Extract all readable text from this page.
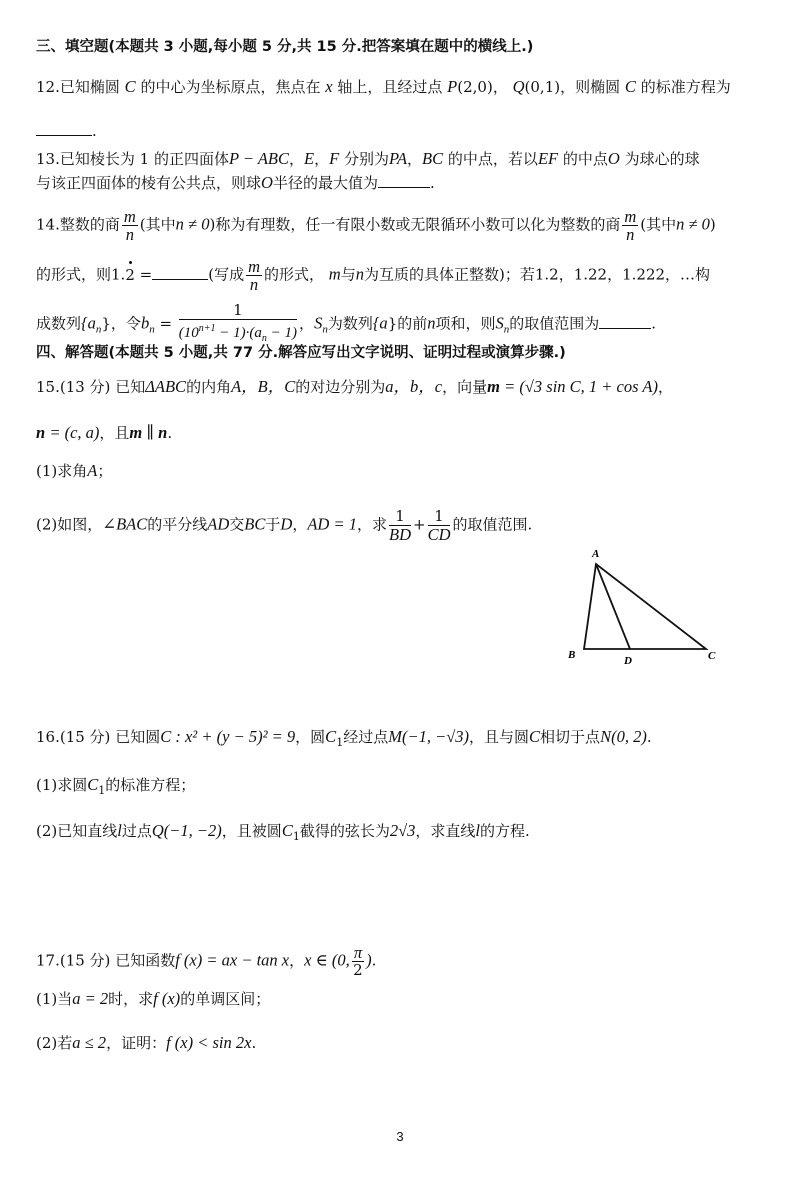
三、填空题(本题共 3 小题,每小题 5 分,共 15 分.把答案填在题中的横线上.)
12.已知椭圆 C 的中心为坐标原点，焦点在 x 轴上，且经过点 P(2,0)， Q(0,1)，则椭圆 C 的标准方程为
.
13.已知棱长为 1 的正四面体P − ABC，E，F 分别为PA，BC 的中点，若以EF 的中点O 为球心的球
与该正四面体的棱有公共点，则球O半径的最大值为	.
14.整数的商 $\frac{m}{n}$ (其中n ≠ 0)称为有理数，任一有限小数或无限循环小数可以化为整数的商 $\frac{m}{n}$ (其中n ≠ 0)
的形式，则1.2 =	(写成 $\frac{m}{n}$ 的形式， m与n为互质的具体正整数)；若1.2，1.22，1.222，…构
成数列$\{a_n\}$，令$b_n = \frac{1}{(10^{n+1} - 1)\cdot(a_n - 1)}$ ，$S_n$为数列{a}的前n项和，则$S_n$的取值范围为	.
四、解答题(本题共 5 小题,共 77 分.解答应写出文字说明、证明过程或演算步骤.)
15.(13 分) 已知ΔABC的内角A，B，C的对边分别为a，b，c，向量m = (√3 sin C, 1 + cos A)，
n = (c, a)，且m ∥ n.
(1)求角A；
(2)如图，∠BAC的平分线AD交BC于D，AD = 1，求 $\frac{1}{BD} + \frac{1}{CD}$ 的取值范围.
A
B	D	C
16.(15 分) 已知圆C : x² + (y − 5)² = 9，圆$C_1$经过点M(−1, −√3)，且与圆C相切于点N(0, 2).
(1)求圆$C_1$的标准方程；
(2)已知直线l过点Q(−1, −2)，且被圆$C_1$截得的弦长为2√3，求直线l的方程.
17.(15 分) 已知函数f (x) = ax − tan x，x ∈ (0, $\frac{\pi}{2}$ ).
(1)当a = 2时，求f (x)的单调区间；
(2)若a ≤ 2，证明：f (x) < sin 2x.
3
